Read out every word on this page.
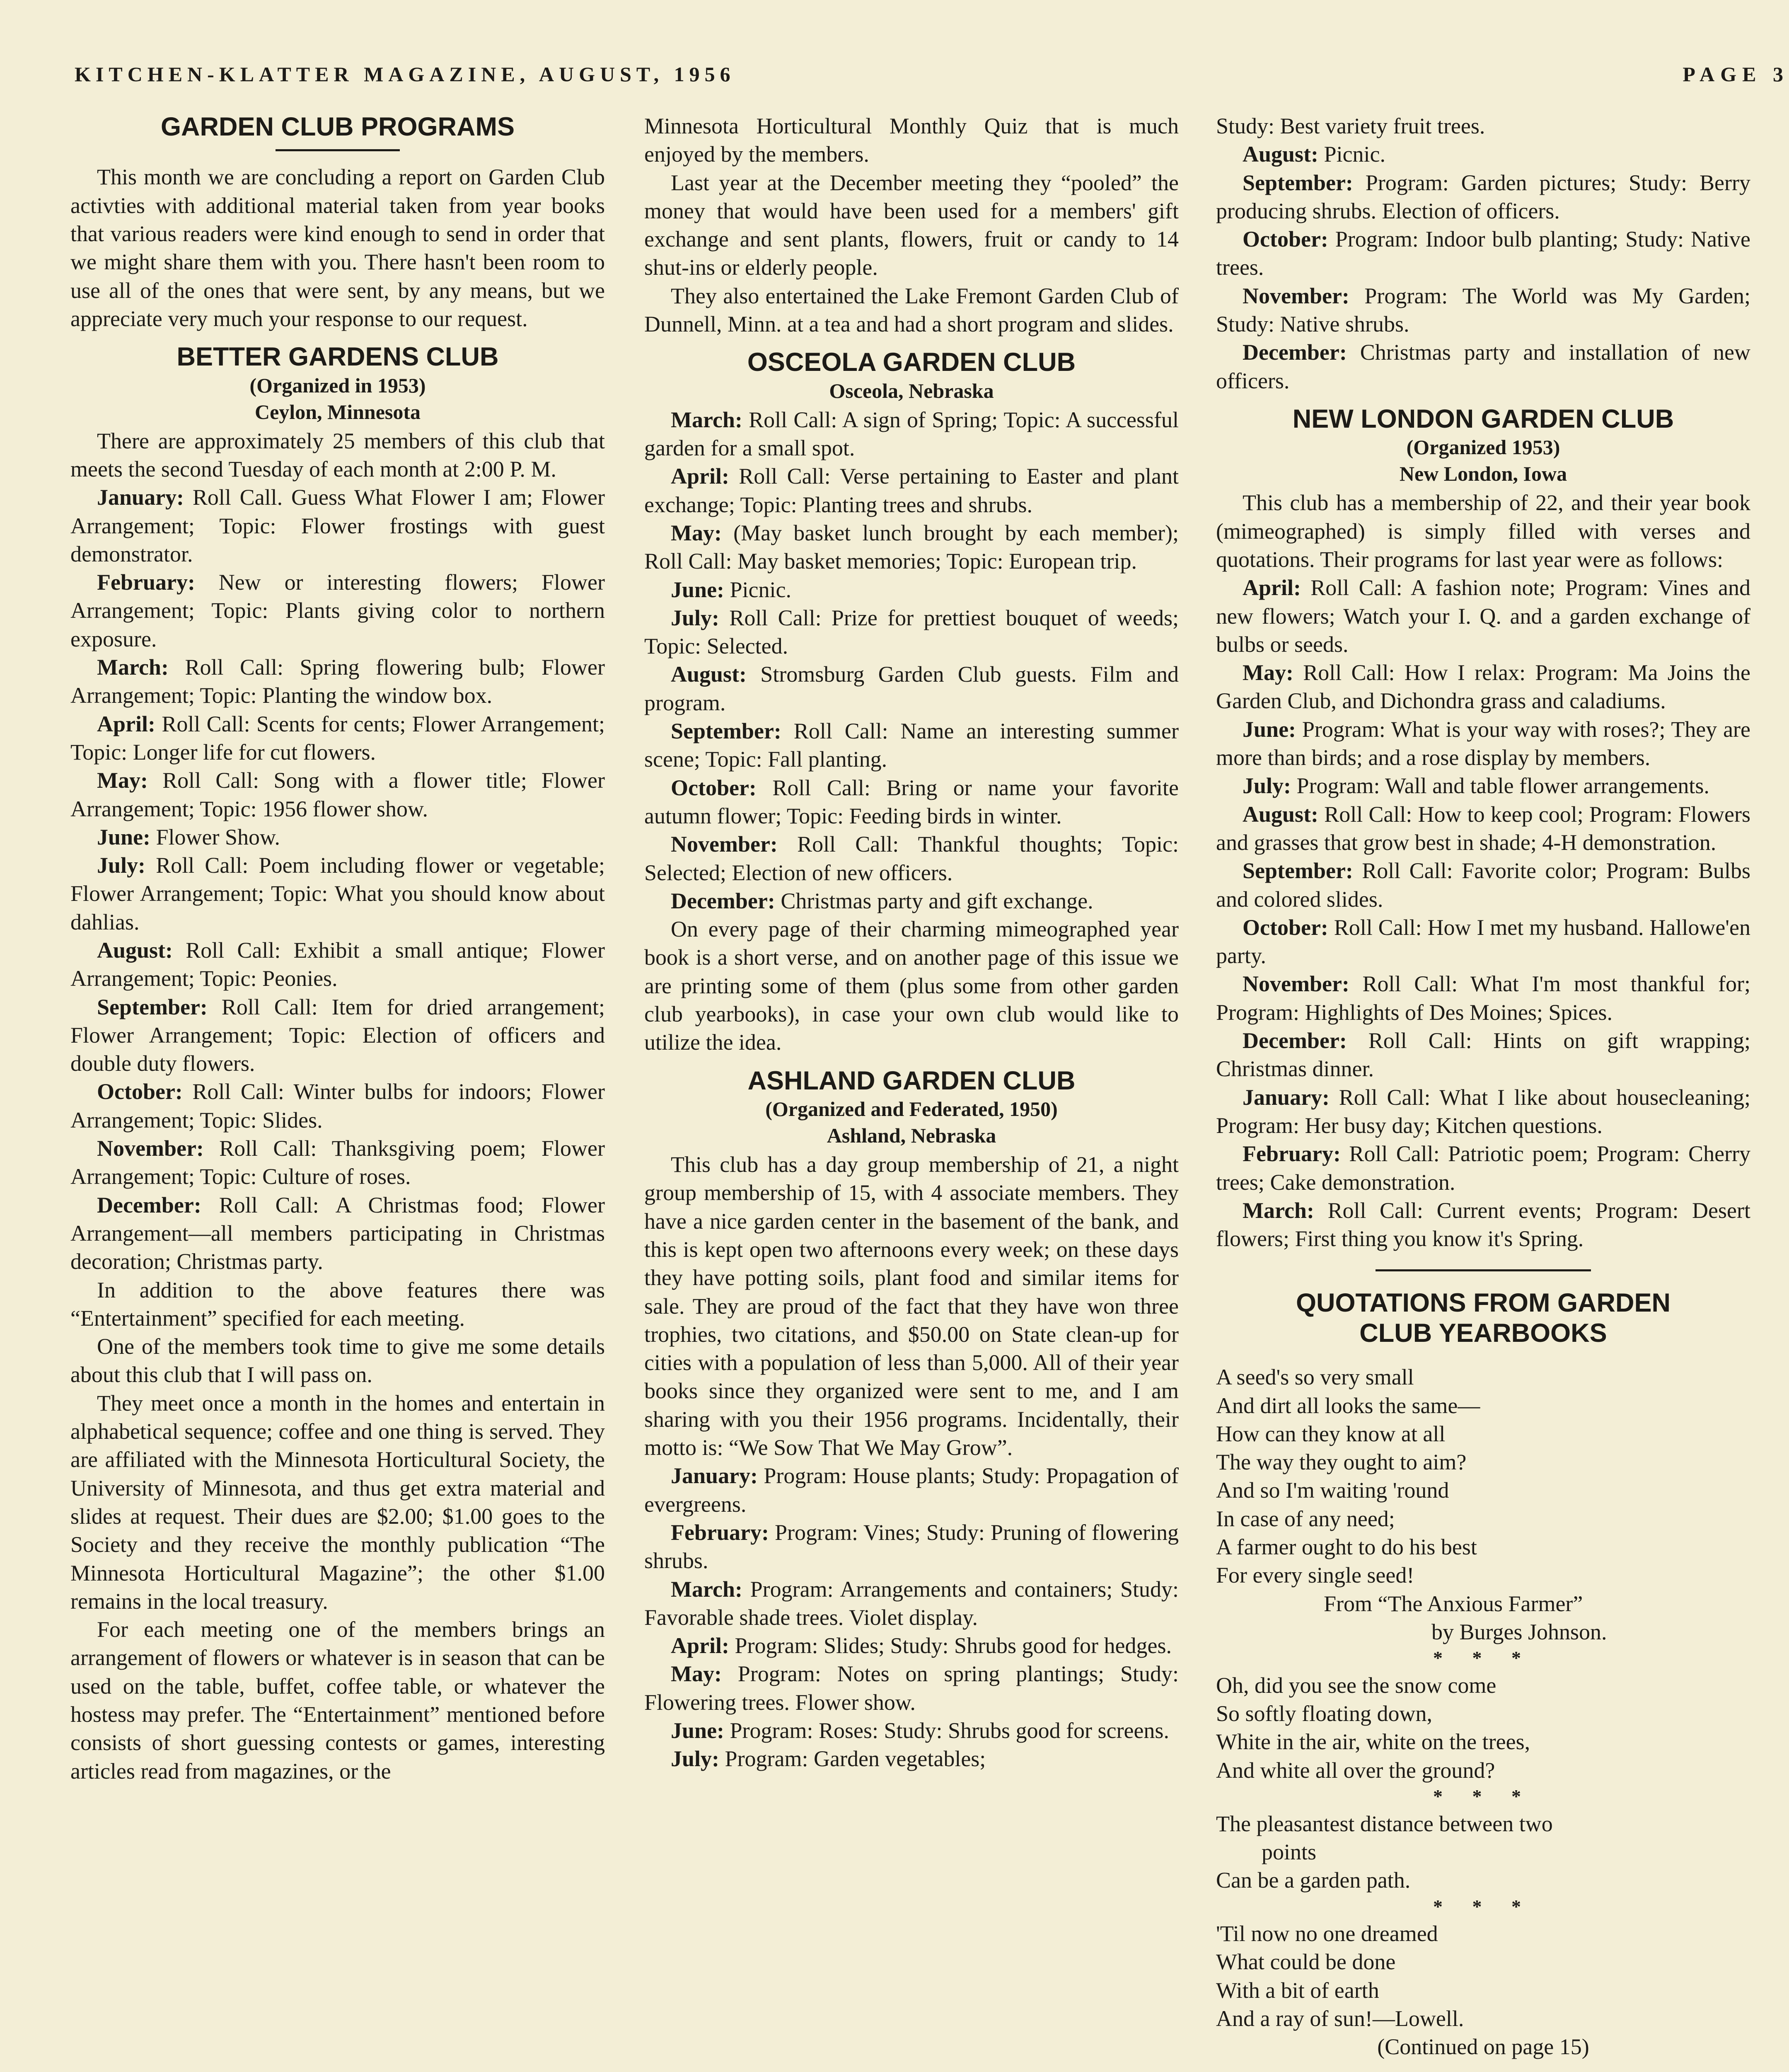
KITCHEN-KLATTER MAGAZINE, AUGUST, 1956	PAGE 3
GARDEN CLUB PROGRAMS

This month we are concluding a report on Garden Club activties with additional material taken from year books that various readers were kind enough to send in order that we might share them with you. There hasn't been room to use all of the ones that were sent, by any means, but we appreciate very much your response to our request.

BETTER GARDENS CLUB
(Organized in 1953)
Ceylon, Minnesota

There are approximately 25 members of this club that meets the second Tuesday of each month at 2:00 P. M.

January: Roll Call. Guess What Flower I am; Flower Arrangement; Topic: Flower frostings with guest demonstrator.

February: New or interesting flowers; Flower Arrangement; Topic: Plants giving color to northern exposure.

March: Roll Call: Spring flowering bulb; Flower Arrangement; Topic: Planting the window box.

April: Roll Call: Scents for cents; Flower Arrangement; Topic: Longer life for cut flowers.

May: Roll Call: Song with a flower title; Flower Arrangement; Topic: 1956 flower show.

June: Flower Show.

July: Roll Call: Poem including flower or vegetable; Flower Arrangement; Topic: What you should know about dahlias.

August: Roll Call: Exhibit a small antique; Flower Arrangement; Topic: Peonies.

September: Roll Call: Item for dried arrangement; Flower Arrangement; Topic: Election of officers and double duty flowers.

October: Roll Call: Winter bulbs for indoors; Flower Arrangement; Topic: Slides.

November: Roll Call: Thanksgiving poem; Flower Arrangement; Topic: Culture of roses.

December: Roll Call: A Christmas food; Flower Arrangement—all members participating in Christmas decoration; Christmas party.

In addition to the above features there was “Entertainment” specified for each meeting.

One of the members took time to give me some details about this club that I will pass on.

They meet once a month in the homes and entertain in alphabetical sequence; coffee and one thing is served. They are affiliated with the Minnesota Horticultural Society, the University of Minnesota, and thus get extra material and slides at request. Their dues are $2.00; $1.00 goes to the Society and they receive the monthly publication “The Minnesota Horticultural Magazine”; the other $1.00 remains in the local treasury.

For each meeting one of the members brings an arrangement of flowers or whatever is in season that can be used on the table, buffet, coffee table, or whatever the hostess may prefer. The “Entertainment” mentioned before consists of short guessing contests or games, interesting articles read from magazines, or the

Minnesota Horticultural Monthly Quiz that is much enjoyed by the members.

Last year at the December meeting they “pooled” the money that would have been used for a members' gift exchange and sent plants, flowers, fruit or candy to 14 shut-ins or elderly people.

They also entertained the Lake Fremont Garden Club of Dunnell, Minn. at a tea and had a short program and slides.

OSCEOLA GARDEN CLUB
Osceola, Nebraska

March: Roll Call: A sign of Spring; Topic: A successful garden for a small spot.

April: Roll Call: Verse pertaining to Easter and plant exchange; Topic: Planting trees and shrubs.

May: (May basket lunch brought by each member); Roll Call: May basket memories; Topic: European trip.

June: Picnic.

July: Roll Call: Prize for prettiest bouquet of weeds; Topic: Selected.

August: Stromsburg Garden Club guests. Film and program.

September: Roll Call: Name an interesting summer scene; Topic: Fall planting.

October: Roll Call: Bring or name your favorite autumn flower; Topic: Feeding birds in winter.

November: Roll Call: Thankful thoughts; Topic: Selected; Election of new officers.

December: Christmas party and gift exchange.

On every page of their charming mimeographed year book is a short verse, and on another page of this issue we are printing some of them (plus some from other garden club yearbooks), in case your own club would like to utilize the idea.

ASHLAND GARDEN CLUB
(Organized and Federated, 1950)
Ashland, Nebraska

This club has a day group membership of 21, a night group membership of 15, with 4 associate members. They have a nice garden center in the basement of the bank, and this is kept open two afternoons every week; on these days they have potting soils, plant food and similar items for sale. They are proud of the fact that they have won three trophies, two citations, and $50.00 on State clean-up for cities with a population of less than 5,000. All of their year books since they organized were sent to me, and I am sharing with you their 1956 programs. Incidentally, their motto is: “We Sow That We May Grow”.

January: Program: House plants; Study: Propagation of evergreens.

February: Program: Vines; Study: Pruning of flowering shrubs.

March: Program: Arrangements and containers; Study: Favorable shade trees. Violet display.

April: Program: Slides; Study: Shrubs good for hedges.

May: Program: Notes on spring plantings; Study: Flowering trees. Flower show.

June: Program: Roses: Study: Shrubs good for screens.

July: Program: Garden vegetables;

Study: Best variety fruit trees.

August: Picnic.

September: Program: Garden pictures; Study: Berry producing shrubs. Election of officers.

October: Program: Indoor bulb planting; Study: Native trees.

November: Program: The World was My Garden; Study: Native shrubs.

December: Christmas party and installation of new officers.

NEW LONDON GARDEN CLUB
(Organized 1953)
New London, Iowa

This club has a membership of 22, and their year book (mimeographed) is simply filled with verses and quotations. Their programs for last year were as follows:

April: Roll Call: A fashion note; Program: Vines and new flowers; Watch your I. Q. and a garden exchange of bulbs or seeds.

May: Roll Call: How I relax: Program: Ma Joins the Garden Club, and Dichondra grass and caladiums.

June: Program: What is your way with roses?; They are more than birds; and a rose display by members.

July: Program: Wall and table flower arrangements.

August: Roll Call: How to keep cool; Program: Flowers and grasses that grow best in shade; 4-H demonstration.

September: Roll Call: Favorite color; Program: Bulbs and colored slides.

October: Roll Call: How I met my husband. Hallowe'en party.

November: Roll Call: What I'm most thankful for; Program: Highlights of Des Moines; Spices.

December: Roll Call: Hints on gift wrapping; Christmas dinner.

January: Roll Call: What I like about housecleaning; Program: Her busy day; Kitchen questions.

February: Roll Call: Patriotic poem; Program: Cherry trees; Cake demonstration.

March: Roll Call: Current events; Program: Desert flowers; First thing you know it's Spring.

QUOTATIONS FROM GARDEN
CLUB YEARBOOKS
A seed's so very small
And dirt all looks the same—
How can they know at all
The way they ought to aim?
And so I'm waiting 'round
In case of any need;
A farmer ought to do his best
For every single seed!
From “The Anxious Farmer”
by Burges Johnson.
* * *
Oh, did you see the snow come
So softly floating down,
White in the air, white on the trees,
And white all over the ground?
* * *
The pleasantest distance between two
points
Can be a garden path.
* * *
'Til now no one dreamed
What could be done
With a bit of earth
And a ray of sun!—Lowell.
(Continued on page 15)
